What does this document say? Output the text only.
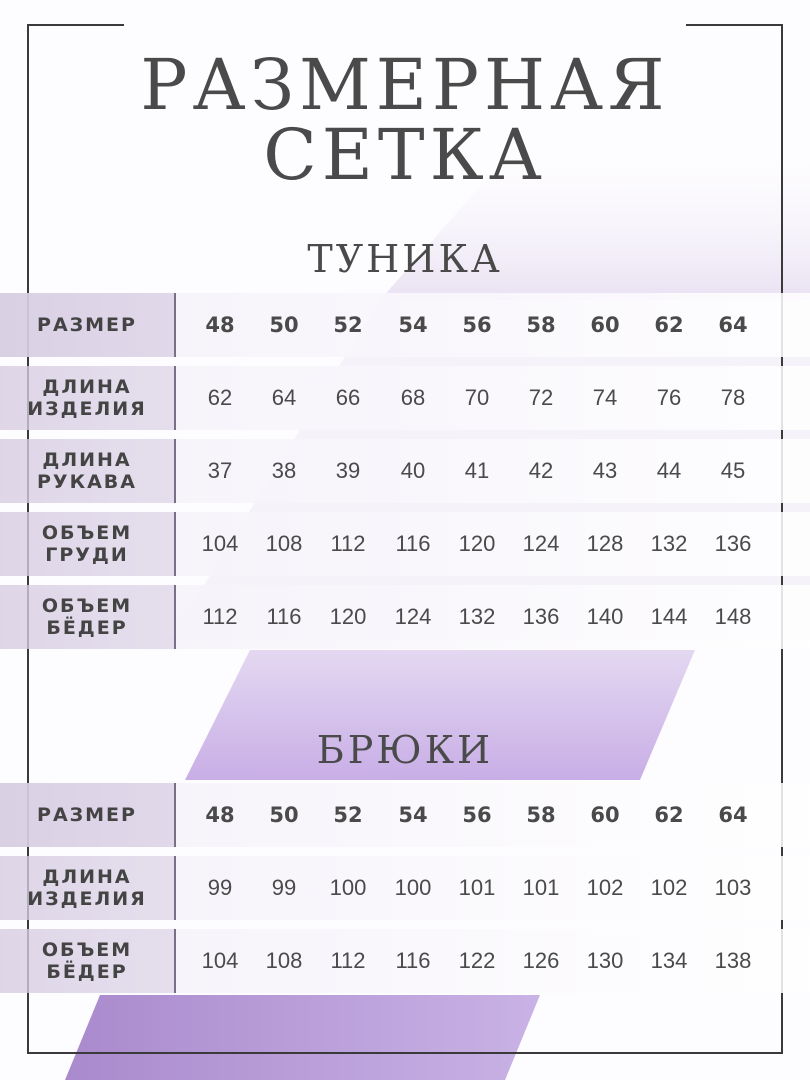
РАЗМЕРНАЯ
СЕТКА
ТУНИКА
РАЗМЕР	48	50	52	54	56	58	60	62	64
ДЛИНА
ИЗДЕЛИЯ	62	64	66	68	70	72	74	76	78
ДЛИНА
РУКАВА	37	38	39	40	41	42	43	44	45
ОБЪЕМ
ГРУДИ	104	108	112	116	120	124	128	132	136
ОБЪЕМ
БЁДЕР	112	116	120	124	132	136	140	144	148
БРЮКИ
РАЗМЕР	48	50	52	54	56	58	60	62	64
ДЛИНА
ИЗДЕЛИЯ	99	99	100	100	101	101	102	102	103
ОБЪЕМ
БЁДЕР	104	108	112	116	122	126	130	134	138
